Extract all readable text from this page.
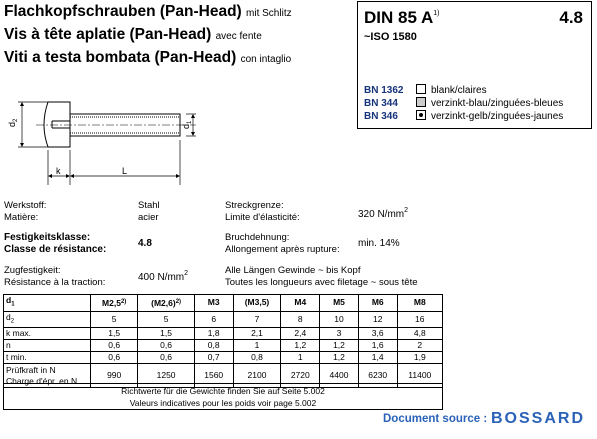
Flachkopfschrauben (Pan-Head) mit Schlitz
Vis à tête aplatie (Pan-Head) avec fente
Viti a testa bombata (Pan-Head) con intaglio
DIN 85 $A^{1)}$	4.8
~ISO 1580
BN 1362	blank/claires
BN 344	verzinkt-blau/zinguées-bleues
BN 346	verzinkt-gelb/zinguées-jaunes
$d_2$
$d_1$
k	L
Werkstoff:
Matière:
Stahl
acier
Festigkeitsklasse:
Classe de résistance:
4.8
Zugfestigkeit:
Résistance à la traction:	400 $N/mm^2$
Streckgrenze:
Limite d'élasticité:	320 $N/mm^2$
Bruchdehnung:
Allongement après rupture:
min. 14%
Alle Längen Gewinde ~ bis Kopf
Toutes les longueurs avec filetage ~ sous tête
$d_1$	M2,5$^{2)}$	$(M2,6)^{2)}$	M3	(M3,5)	M4	M5	M6	M8
$d_2$	5	5	6	7	8	10	12	16
k max.	1,5	1,5	1,8	2,1	2,4	3	3,6	4,8
n	0,6	0,6	0,8	1	1,2	1,2	1,6	2
t min.	0,6	0,6	0,7	0,8	1	1,2	1,4	1,9
Prüfkraft in N
Charge d'épr. en N	990	1250	1560	2100	2720	4400	6230	11400
Richtwerte für die Gewichte finden Sie auf Seite 5.002
Valeurs indicatives pour les poids voir page 5.002
Document source : BOSSARD
